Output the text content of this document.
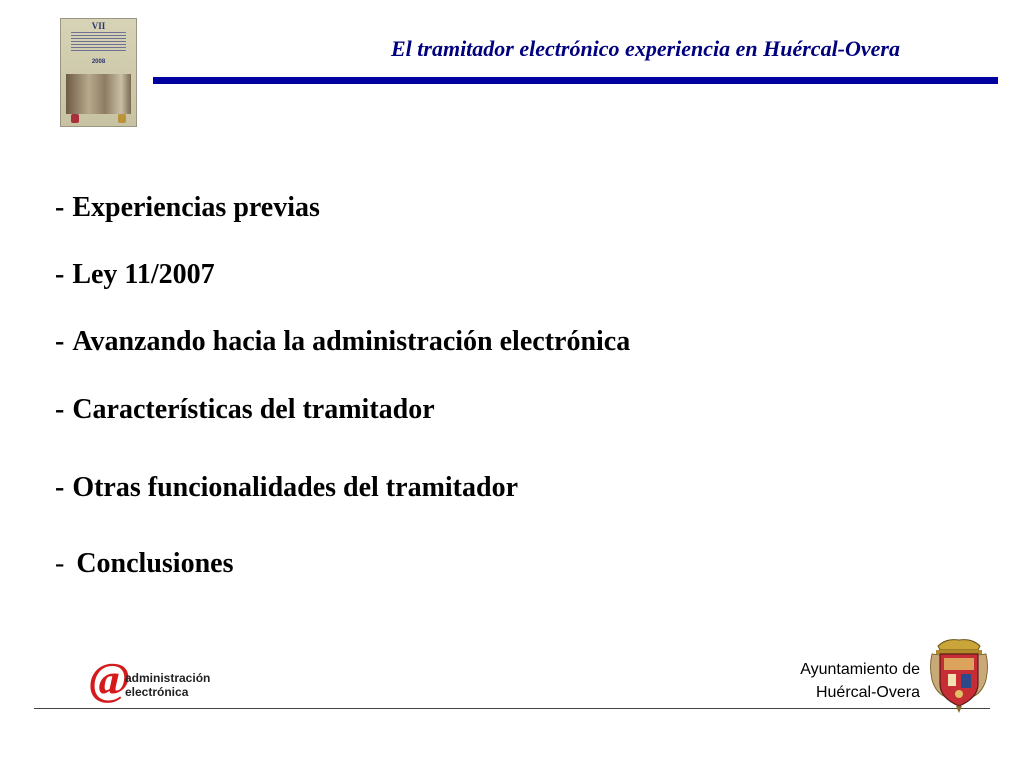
VII
2008
El tramitador electrónico experiencia en Huércal-Overa
- Experiencias previas
- Ley 11/2007
- Avanzando hacia la administración electrónica
- Características del tramitador
- Otras funcionalidades del tramitador
- Conclusiones
@
administración
electrónica
Ayuntamiento de
Huércal-Overa
